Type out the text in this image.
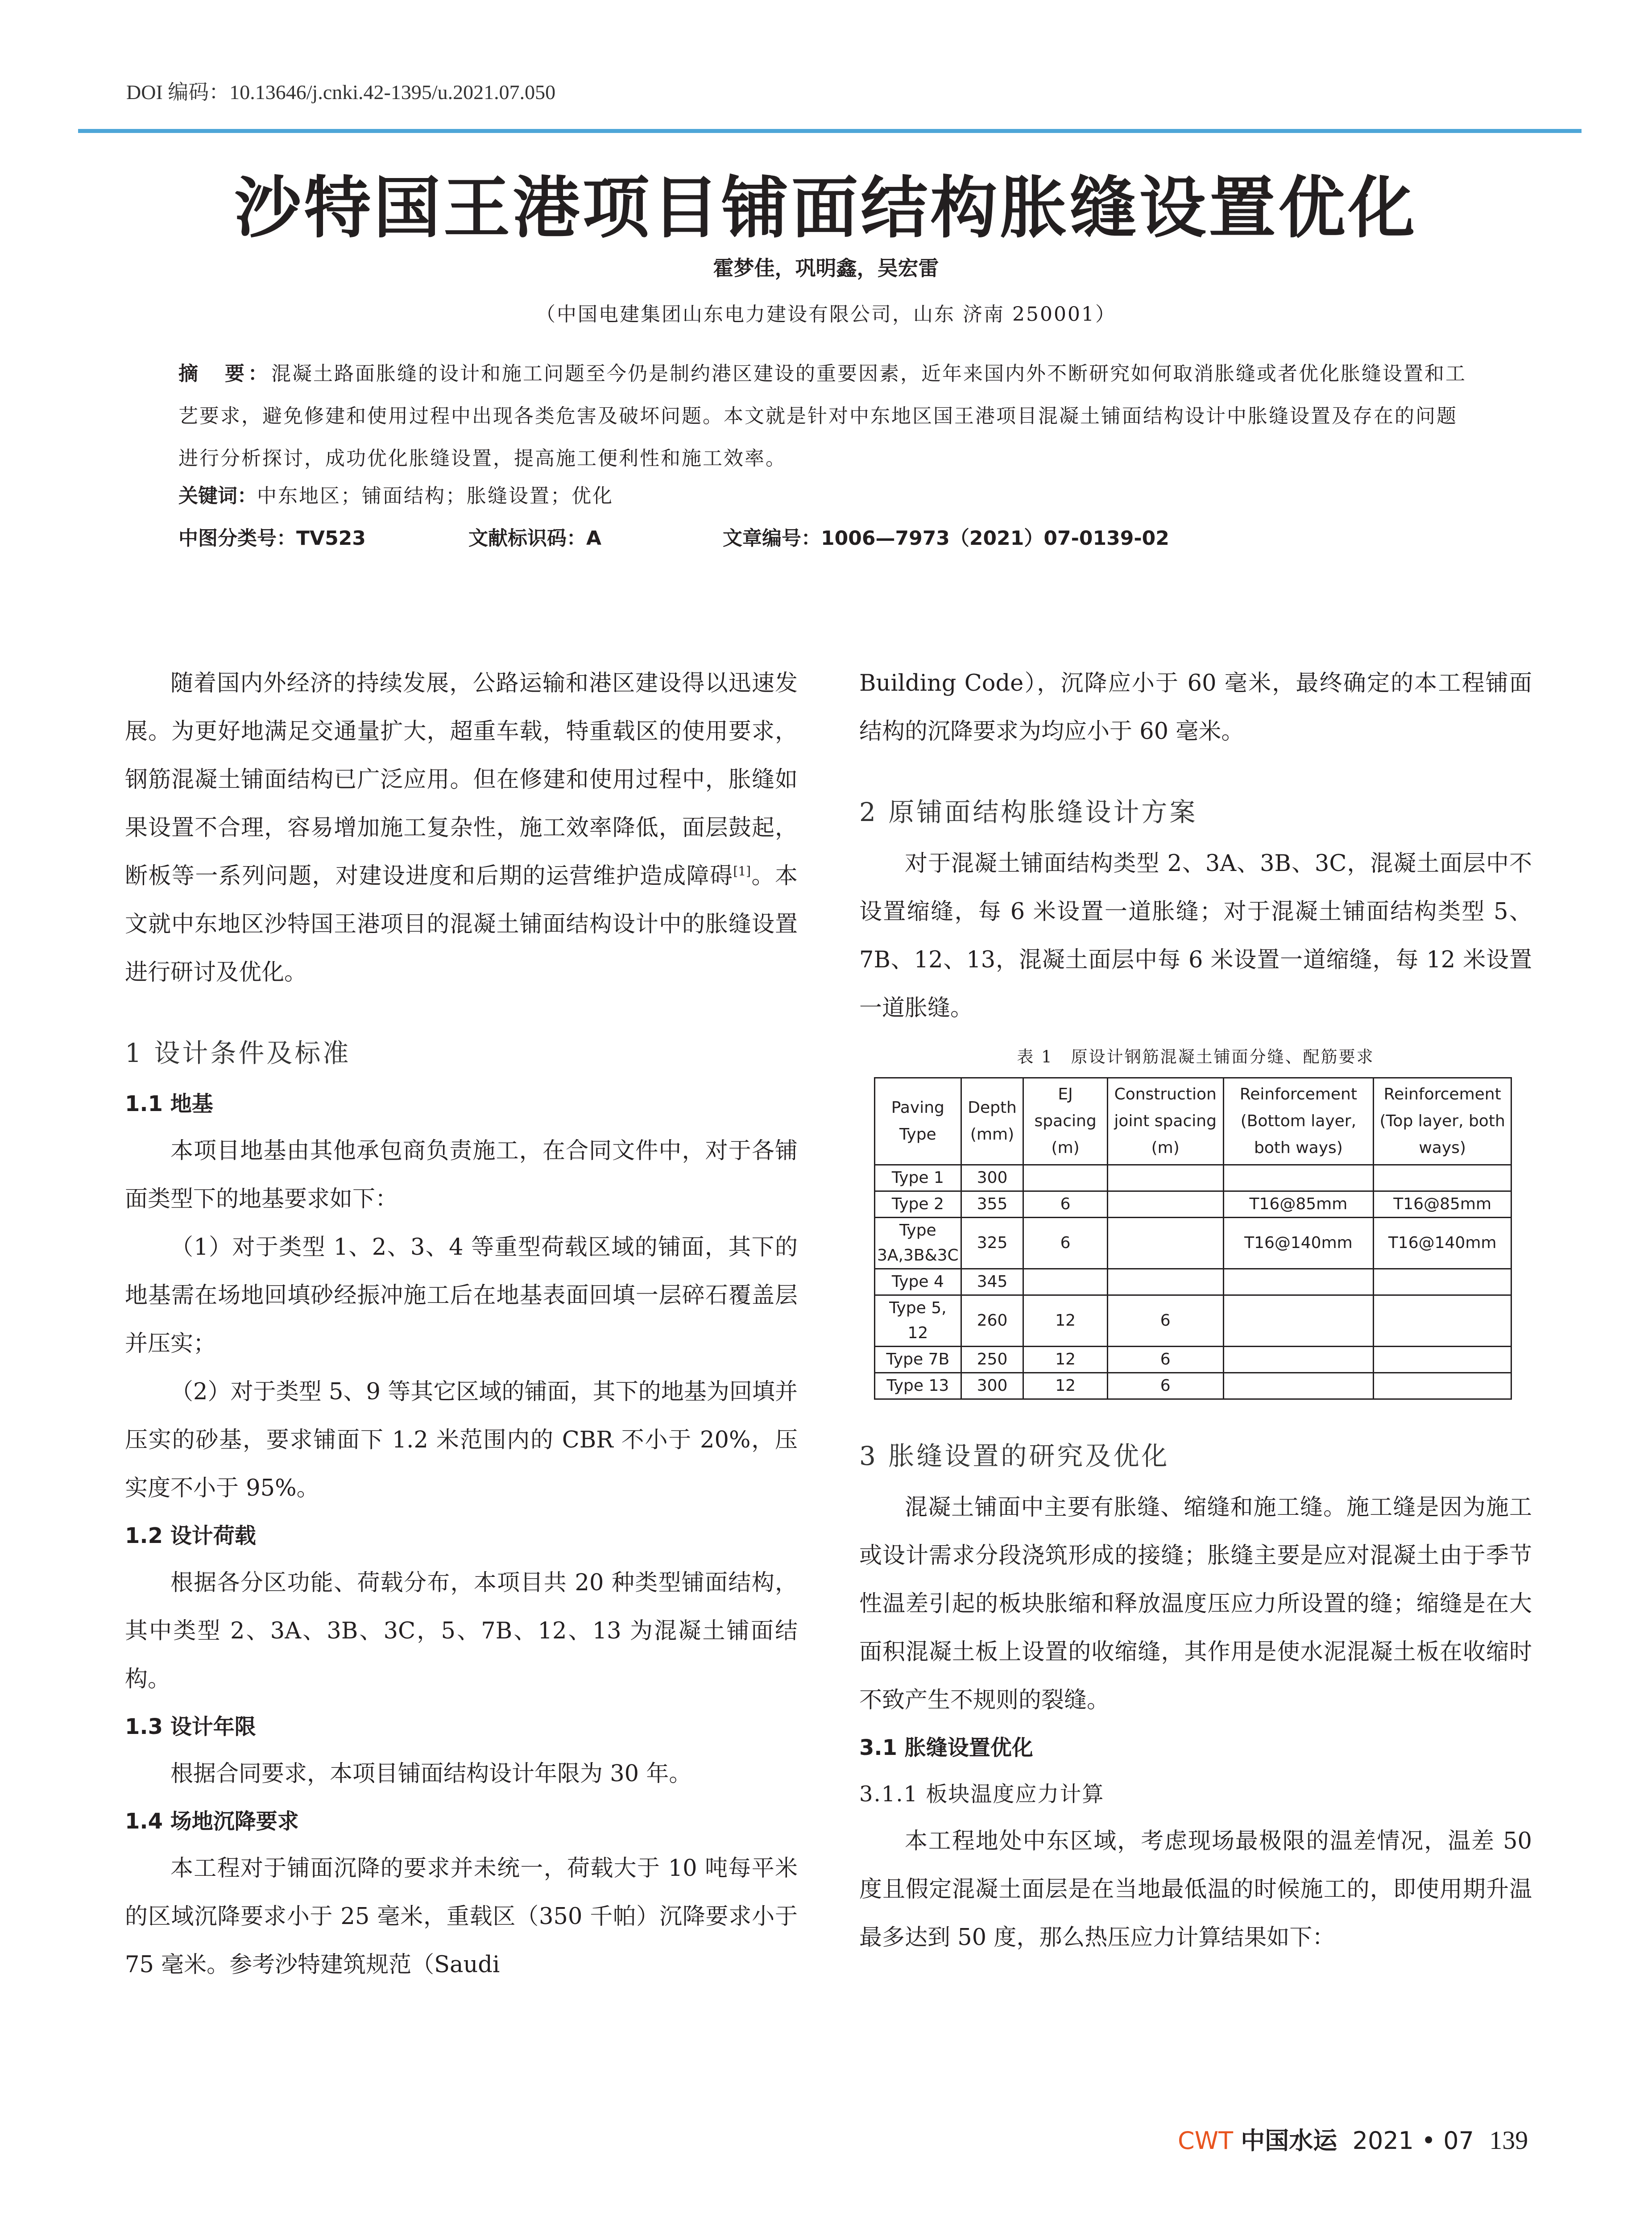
DOI 编码：10.13646/j.cnki.42-1395/u.2021.07.050
沙特国王港项目铺面结构胀缝设置优化
霍梦佳，巩明鑫，吴宏雷
（中国电建集团山东电力建设有限公司，山东 济南 250001）
摘　要：混凝土路面胀缝的设计和施工问题至今仍是制约港区建设的重要因素，近年来国内外不断研究如何取消胀缝或者优化胀缝设置和工艺要求，避免修建和使用过程中出现各类危害及破坏问题。本文就是针对中东地区国王港项目混凝土铺面结构设计中胀缝设置及存在的问题进行分析探讨，成功优化胀缝设置，提高施工便利性和施工效率。
关键词：中东地区；铺面结构；胀缝设置；优化
中图分类号：TV523	文献标识码：A	文章编号：1006—7973（2021）07-0139-02

随着国内外经济的持续发展，公路运输和港区建设得以迅速发展。为更好地满足交通量扩大，超重车载，特重载区的使用要求，钢筋混凝土铺面结构已广泛应用。但在修建和使用过程中，胀缝如果设置不合理，容易增加施工复杂性，施工效率降低，面层鼓起，断板等一系列问题，对建设进度和后期的运营维护造成障碍[1]。本文就中东地区沙特国王港项目的混凝土铺面结构设计中的胀缝设置进行研讨及优化。

1 设计条件及标准
1.1 地基

本项目地基由其他承包商负责施工，在合同文件中，对于各铺面类型下的地基要求如下：

（1）对于类型 1、2、3、4 等重型荷载区域的铺面，其下的地基需在场地回填砂经振冲施工后在地基表面回填一层碎石覆盖层并压实；

（2）对于类型 5、9 等其它区域的铺面，其下的地基为回填并压实的砂基，要求铺面下 1.2 米范围内的 CBR 不小于 20%，压实度不小于 95%。

1.2 设计荷载

根据各分区功能、荷载分布，本项目共 20 种类型铺面结构，其中类型 2、3A、3B、3C，5、7B、12、13 为混凝土铺面结构。

1.3 设计年限

根据合同要求，本项目铺面结构设计年限为 30 年。

1.4 场地沉降要求

本工程对于铺面沉降的要求并未统一，荷载大于 10 吨每平米的区域沉降要求小于 25 毫米，重载区（350 千帕）沉降要求小于 75 毫米。参考沙特建筑规范（Saudi

Building Code），沉降应小于 60 毫米，最终确定的本工程铺面结构的沉降要求为均应小于 60 毫米。

2 原铺面结构胀缝设计方案

对于混凝土铺面结构类型 2、3A、3B、3C，混凝土面层中不设置缩缝，每 6 米设置一道胀缝；对于混凝土铺面结构类型 5、7B、12、13，混凝土面层中每 6 米设置一道缩缝，每 12 米设置一道胀缝。

表 1　原设计钢筋混凝土铺面分缝、配筋要求
Paving Type	Depth (mm)	EJ spacing (m)	Construction joint spacing (m)	Reinforcement (Bottom layer, both ways)	Reinforcement (Top layer, both ways)
Type 1	300				
Type 2	355	6		T16@85mm	T16@85mm
Type 3A,3B&3C	325	6		T16@140mm	T16@140mm
Type 4	345				
Type 5, 12	260	12	6		
Type 7B	250	12	6		
Type 13	300	12	6		
3 胀缝设置的研究及优化

混凝土铺面中主要有胀缝、缩缝和施工缝。施工缝是因为施工或设计需求分段浇筑形成的接缝；胀缝主要是应对混凝土由于季节性温差引起的板块胀缩和释放温度压应力所设置的缝；缩缝是在大面积混凝土板上设置的收缩缝，其作用是使水泥混凝土板在收缩时不致产生不规则的裂缝。

3.1 胀缝设置优化
3.1.1 板块温度应力计算

本工程地处中东区域，考虑现场最极限的温差情况，温差 50 度且假定混凝土面层是在当地最低温的时候施工的，即使用期升温最多达到 50 度，那么热压应力计算结果如下：

CWT 中国水运 2021 • 07 139
